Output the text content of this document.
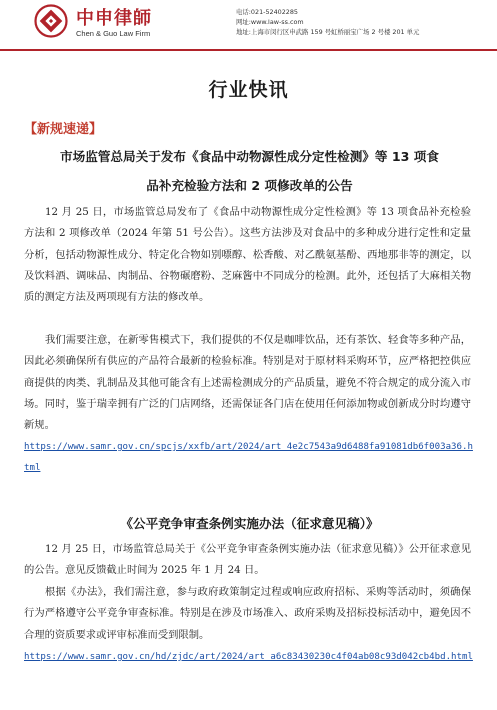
中申律師
Chen & Guo Law Firm
电话:021-52402285
网址:www.law-ss.com
地址:上海市闵行区申武路 159 号虹桥丽宝广场 2 号楼 201 单元
行业快讯
【新规速递】
市场监管总局关于发布《食品中动物源性成分定性检测》等 13 项食
品补充检验方法和 2 项修改单的公告
12 月 25 日，市场监管总局发布了《食品中动物源性成分定性检测》等 13 项食品补充检验方法和 2 项修改单（2024 年第 51 号公告）。这些方法涉及对食品中的多种成分进行定性和定量分析，包括动物源性成分、特定化合物如别嘌醇、松香酸、对乙酰氨基酚、西地那非等的测定，以及饮料酒、调味品、肉制品、谷物碾磨粉、芝麻酱中不同成分的检测。此外，还包括了大麻相关物质的测定方法及两项现有方法的修改单。
我们需要注意，在新零售模式下，我们提供的不仅是咖啡饮品，还有茶饮、轻食等多种产品，因此必须确保所有供应的产品符合最新的检验标准。特别是对于原材料采购环节，应严格把控供应商提供的肉类、乳制品及其他可能含有上述需检测成分的产品质量，避免不符合规定的成分流入市场。同时，鉴于瑞幸拥有广泛的门店网络，还需保证各门店在使用任何添加物或创新成分时均遵守新规。
https://www.samr.gov.cn/spcjs/xxfb/art/2024/art_4e2c7543a9d6488fa91081db6f003a36.html
《公平竞争审查条例实施办法（征求意见稿）》
12 月 25 日，市场监管总局关于《公平竞争审查条例实施办法（征求意见稿）》公开征求意见的公告。意见反馈截止时间为 2025 年 1 月 24 日。
根据《办法》，我们需注意，参与政府政策制定过程或响应政府招标、采购等活动时，须确保行为严格遵守公平竞争审查标准。特别是在涉及市场准入、政府采购及招标投标活动中，避免因不合理的资质要求或评审标准而受到限制。
https://www.samr.gov.cn/hd/zjdc/art/2024/art_a6c83430230c4f04ab08c93d042cb4bd.html
